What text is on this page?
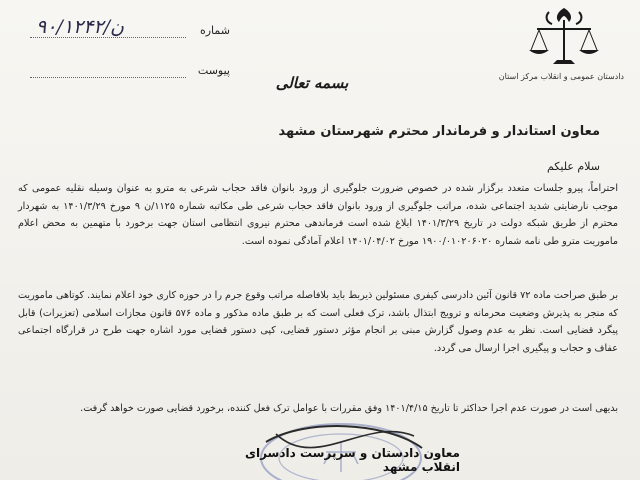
دادستان عمومی و انقلاب مرکز استان
شماره
۹۰/ن/۱۲۴۲
پیوست
بسمه تعالی
معاون استاندار و فرماندار محترم شهرستان مشهد
سلام علیکم
احتراماً، پیرو جلسات متعدد برگزار شده در خصوص ضرورت جلوگیری از ورود بانوان فاقد حجاب شرعی به مترو به عنوان وسیله نقلیه عمومی که موجب نارضایتی شدید اجتماعی شده، مراتب جلوگیری از ورود بانوان فاقد حجاب شرعی طی مکاتبه شماره ۱۱۲۵/ن ۹ مورخ ۱۴۰۱/۳/۲۹ به شهردار محترم از طریق شبکه دولت در تاریخ ۱۴۰۱/۳/۲۹ ابلاغ شده است فرماندهی محترم نیروی انتظامی استان جهت برخورد با متهمین به محض اعلام ماموریت مترو طی نامه شماره ۱۹۰۰/۰۱۰۲۰۶۰۲۰ مورخ ۱۴۰۱/۰۴/۰۲ اعلام آمادگی نموده است.
بر طبق صراحت ماده ۷۲ قانون آئین دادرسی کیفری مسئولین ذیربط باید بلافاصله مراتب وقوع جرم را در حوزه کاری خود اعلام نمایند. کوتاهی ماموریت که منجر به پذیرش وضعیت محرمانه و ترویج ابتذال باشد، ترک فعلی است که بر طبق ماده مذکور و ماده ۵۷۶ قانون مجازات اسلامی (تعزیرات) قابل پیگرد قضایی است. نظر به عدم وصول گزارش مبنی بر انجام مؤثر دستور قضایی، کپی دستور قضایی مورد اشاره جهت طرح در قرارگاه اجتماعی عفاف و حجاب و پیگیری اجرا ارسال می گردد.
بدیهی است در صورت عدم اجرا حداکثر تا تاریخ ۱۴۰۱/۴/۱۵ وفق مقررات با عوامل ترک فعل کننده، برخورد قضایی صورت خواهد گرفت.
معاون دادستان و سرپرست دادسرای انقلاب مشهد
